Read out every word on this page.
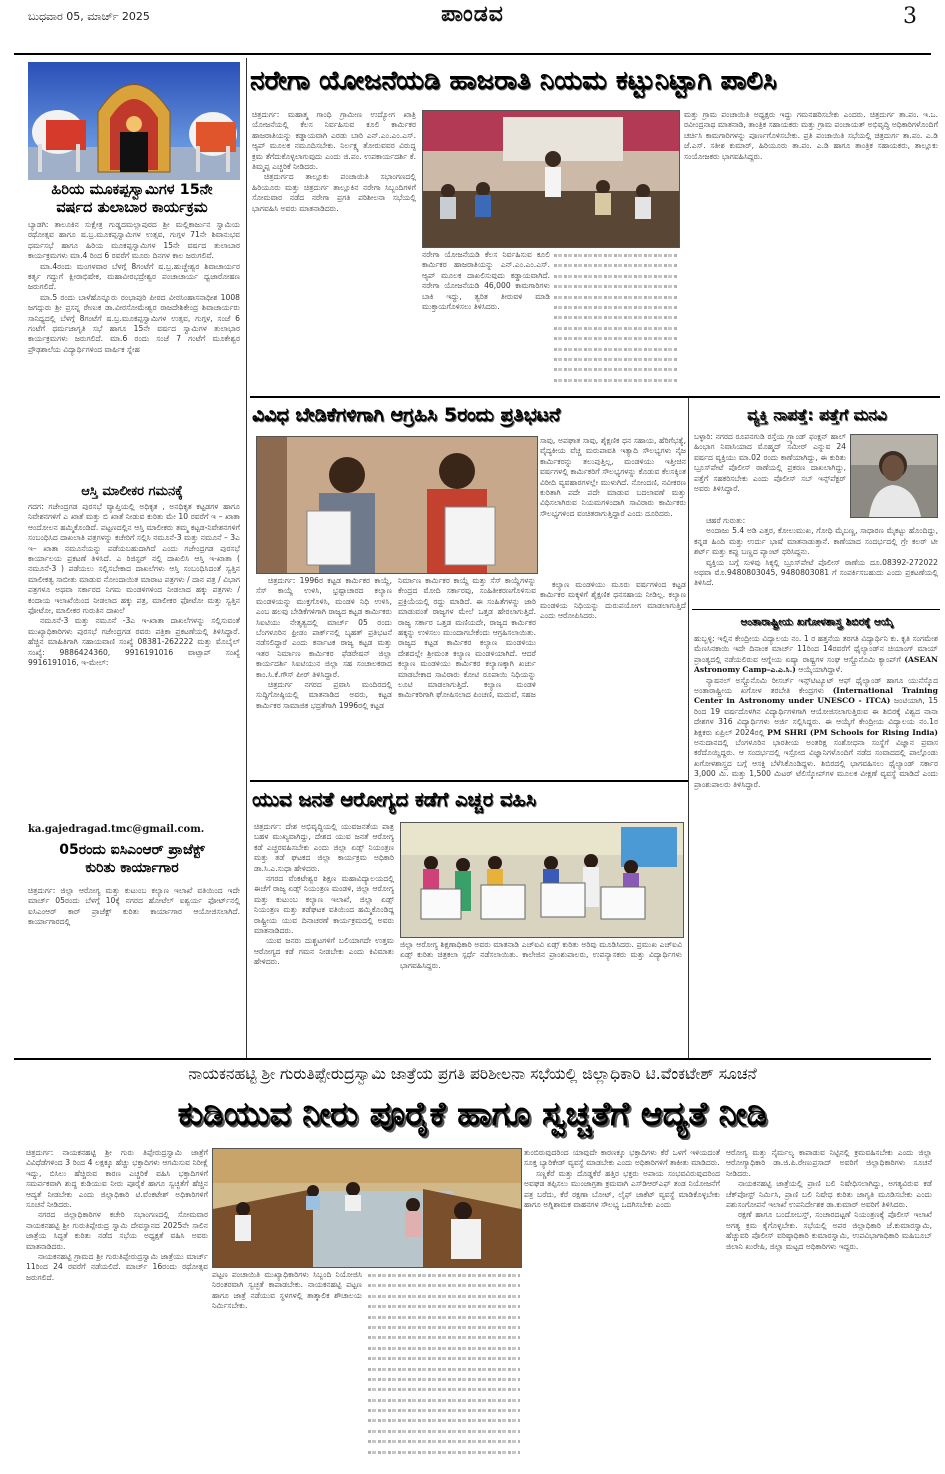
ಬುಧವಾರ 05, ಮಾರ್ಚ್ 2025	ಪಾಂಡವ	3
ಹಿರಿಯ ಮೂಕಪ್ಪಸ್ವಾಮಿಗಳ 15ನೇ
ವರ್ಷದ ತುಲಾಬಾರ ಕಾರ್ಯಕ್ರಮ

ಬ್ಯಾಡಗಿ: ತಾಲೂಕಿನ ಸುಕ್ಷೇತ್ರ ಗುಡ್ಡದಮಲ್ಲಾಪುರದ ಶ್ರೀ ಮಲ್ಲಿಕಾರ್ಜುನ ಸ್ವಾಮಿಯ ರಥೋತ್ಸವ ಹಾಗೂ ಷ.ಬ್ರ.ಮೂಕಪ್ಪಸ್ವಾಮಿಗಳ ಉತ್ಸವ, ಗುಗ್ಗಳ 71ನೇ ಶಿವಾನುಭವ ಧರ್ಮಸಭೆ ಹಾಗೂ ಹಿರಿಯ ಮೂಕಪ್ಪಸ್ವಾಮಿಗಳ 15ನೇ ವರ್ಷದ ತುಲಾಬಾರ ಕಾರ್ಯಕ್ರಮಗಳು ಮಾ.4 ರಿಂದ 6 ರವರೆಗೆ ಮೂರು ದಿನಗಳ ಕಾಲ ಜರುಗಲಿವೆ.

ಮಾ.4ರಂದು ಮಂಗಳವಾರ ಬೆಳಗ್ಗೆ 8ಗಂಟೆಗೆ ಷ.ಬ್ರ.ಹುಚ್ಚೇಶ್ವರ ಶಿವಾಚಾರ್ಯರ ಕರ್ತೃ ಗದ್ದುಗೆ ಕ್ಷೀರಾಭಿಷೇಕ, ಮಹಾವೀರಭದ್ರೇಶ್ವರ ಪಂಚಾಚಾರ್ಯ ಧ್ವಜಾರೋಹಣ ಜರುಗಲಿದೆ.

ಮಾ.5 ರಂದು ಬಾಳೆಹೊನ್ನೂರು ರಂಭಾಪುರಿ ಪೀಠದ ವೀರಸಿಂಹಾಸನಾಧೀಶ 1008 ಜಗದ್ಗುರು ಶ್ರೀ ಪ್ರಸನ್ನ ರೇಣುಕ ಡಾ.ವೀರಸೋಮೇಶ್ವರ ರಾಜದೇಶಿಕೇಂದ್ರ ಶಿವಾಚಾರ್ಯರು ಸಾನಿಧ್ಯದಲ್ಲಿ ಬೆಳಗ್ಗೆ 8ಗಂಟೆಗೆ ಷ.ಬ್ರ.ಮೂಕಪ್ಪಸ್ವಾಮಿಗಳ ಉತ್ಸವ, ಗುಗ್ಗಳ, ಸಂಜೆ 6 ಗಂಟೆಗೆ ಧರ್ಮಜಾಗೃತಿ ಸಭೆ ಹಾಗೂ 15ನೇ ವರ್ಷದ ಸ್ವಾಮಿಗಳ ತುಲಾಭಾರ ಕಾರ್ಯಕ್ರಮಗಳು ಜರುಗಲಿದೆ. ಮಾ.6 ರಂದು ಸಂಜೆ 7 ಗಂಟೆಗೆ ಮೂಕೇಶ್ವರ ಪ್ರೌಢಶಾಲೆಯ ವಿದ್ಯಾರ್ಥಿಗಳಿಂದ ವಾರ್ಷಿಕ ಸ್ನೇಹ

ಆಸ್ತಿ ಮಾಲೀಕರ ಗಮನಕ್ಕೆ

ಗದಗ: ಗಜೇಂದ್ರಗಡ ಪುರಸಭೆ ವ್ಯಾಪ್ತಿಯಲ್ಲಿ ಅಧಿಕೃತ , ಅನಧಿಕೃತ ಕಟ್ಟಡಗಳ ಹಾಗೂ ನಿವೇಶನಗಳಿಗೆ ಎ ಖಾತೆ ಮತ್ತು ಬಿ ಖಾತೆ ನೀಡುವ ಕುರಿತು ಮೇ 10 ರವರೆಗೆ ಇ – ಖಾತಾ ಆಂದೋಲನ ಹಮ್ಮಿಕೊಂಡಿದೆ. ಪಟ್ಟಣದಲ್ಲಿನ ಆಸ್ತಿ ಮಾಲೀಕರು ತಮ್ಮ ಕಟ್ಟಡ-ನಿವೇಶನಗಳಿಗೆ ಸಂಬಂಧಿಸಿದ ದಾಖಲಾತಿ ಪತ್ರಗಳನ್ನು ಕಚೇರಿಗೆ ಸಲ್ಲಿಸಿ ನಮೂನೆ-3 ಮತ್ತು ನಮೂನೆ – 3ಎ ಇ– ಖಾತಾ ನಮೂನೆಯನ್ನು ಪಡೆಯಬಹುದಾಗಿದೆ ಎಂದು ಗಜೇಂದ್ರಗಡ ಪುರಸಭೆ ಕಾರ್ಯಾಲಯ ಪ್ರಕಟಣೆ ತಿಳಿಸಿದೆ. ಎ ರಿಜಿಸ್ಟರ್ ನಲ್ಲಿ ದಾಖಲಿಸಿ ಆಸ್ತಿ ಇ-ಖಾತಾ ( ನಮೂನೆ-3 ) ಪಡೆಯಲು ಸಲ್ಲಿಸಬೇಕಾದ ದಾಖಲೆಗಳು ಆಸ್ತಿ ಸಂಬಂಧಿಸಿದಂತೆ ಸ್ವತ್ತಿನ ಮಾಲೀಕತ್ವ ಸಾಬೀತು ಮಾಡುವ ನೋಂದಾಯಿತ ಮಾರಾಟ ಪತ್ರಗಳು / ದಾನ ಪತ್ರ / ವಿಭಾಗ ಪತ್ರಗಳೂ ಅಥವಾ ಸರ್ಕಾರದ ನಿಗಮ ಮಂಡಳಿಗಳಿಂದ ನೀಡಲಾದ ಹಕ್ಕು ಪತ್ರಗಳು / ಕಂದಾಯ ಇಲಾಖೆಯಿಂದ ನೀಡಲಾದ ಹಕ್ಕು ಪತ್ರ, ಮಾಲೀಕರ ಫೋಟೋ ಮತ್ತು ಸ್ವತ್ತಿನ ಫೋಟೋ, ಮಾಲೀಕರ ಗುರುತಿನ ದಾಖಲೆ

ನಮೂನೆ-3 ಮತ್ತು ನಮೂನೆ -3ಎ ಇ-ಖಾತಾ ದಾಖಲೆಗಳನ್ನು ಸಲ್ಲಿಸುವಂತೆ ಮುಖ್ಯಾಧಿಕಾರಿಗಳು ಪುರಸಭೆ ಗಜೇಂದ್ರಗಡ ರವರು ಪತ್ರಿಕಾ ಪ್ರಕಟಣೆಯಲ್ಲಿ ತಿಳಿಸಿದ್ದಾರೆ. ಹೆಚ್ಚಿನ ಮಾಹಿತಿಗಾಗಿ ಸಹಾಯವಾಣಿ ಸಂಖ್ಯೆ 08381-262222 ಮತ್ತು ಮೊಬೈಲ್ ಸಂಖ್ಯೆ: 9886424360, 9916191016 ವಾಟ್ಸಾಪ್ ಸಂಖ್ಯೆ 9916191016, ಇ-ಮೇಲ್:

ka.gajedragad.tmc@gmail.com.
05ರಂದು ಐಸಿಎಂಆರ್ ಪ್ರಾಜೆಕ್ಟ್
ಕುರಿತು ಕಾರ್ಯಾಗಾರ

ಚಿತ್ರದುರ್ಗ: ಜಿಲ್ಲಾ ಆರೋಗ್ಯ ಮತ್ತು ಕುಟುಂಬ ಕಲ್ಯಾಣ ಇಲಾಖೆ ವತಿಯಿಂದ ಇದೇ ಮಾರ್ಚ್ 05ರಂದು ಬೆಳಗ್ಗೆ 10ಕ್ಕೆ ನಗರದ ಹೋಟೆಲ್ ಐಶ್ವರ್ಯ ಫೋರ್ಟ್‌ನಲ್ಲಿ ಐಸಿಎಂಆರ್ ಕಾರ್ ಪ್ರಾಜೆಕ್ಟ್ ಕುರಿತು ಕಾರ್ಯಾಗಾರ ಆಯೋಜಿಸಲಾಗಿದೆ. ಕಾರ್ಯಾಗಾರದಲ್ಲಿ

ನರೇಗಾ ಯೋಜನೆಯಡಿ ಹಾಜರಾತಿ ನಿಯಮ ಕಟ್ಟುನಿಟ್ಟಾಗಿ ಪಾಲಿಸಿ

ಚಿತ್ರದುರ್ಗ: ಮಹಾತ್ಮ ಗಾಂಧಿ ಗ್ರಾಮೀಣ ಉದ್ಯೋಗ ಖಾತ್ರಿ ಯೋಜನೆಯಲ್ಲಿ ಕೆಲಸ ನಿರ್ವಹಿಸುವ ಕೂಲಿ ಕಾರ್ಮಿಕರ ಹಾಜರಾತಿಯನ್ನು ಕಡ್ಡಾಯವಾಗಿ ಎರಡು ಬಾರಿ ಎನ್.ಎಂ.ಎಂ.ಎಸ್. ಆ್ಯಪ್ ಮೂಲಕ ನಮೂದಿಸಬೇಕು. ನಿರ್ಲಕ್ಷ್ಯ ತೋರುವವರ ವಿರುದ್ಧ ಕ್ರಮ ತೆಗೆದುಕೊಳ್ಳಲಾಗುವುದು ಎಂದು ಜಿ.ಪಂ. ಉಪಕಾರ್ಯದರ್ಶಿ ಕೆ. ತಿಮ್ಮಪ್ಪ ಎಚ್ಚರಿಕೆ ನೀಡಿದರು.

ಚಿತ್ರದುರ್ಗದ ತಾಲ್ಲೂಕು ಪಂಚಾಯಿತಿ ಸಭಾಂಗಣದಲ್ಲಿ ಹಿರಿಯೂರು ಮತ್ತು ಚಿತ್ರದುರ್ಗ ತಾಲ್ಲೂಕಿನ ನರೇಗಾ ಸಿಬ್ಬಂದಿಗಳಿಗೆ ಸೋಮವಾರ ನಡೆದ ನರೇಗಾ ಪ್ರಗತಿ ಪರಿಶೀಲನಾ ಸಭೆಯಲ್ಲಿ ಭಾಗವಹಿಸಿ ಅವರು ಮಾತನಾಡಿದರು.

ನರೇಗಾ ಯೋಜನೆಯಡಿ ಕೆಲಸ ನಿರ್ವಹಿಸುವ ಕೂಲಿ ಕಾರ್ಮಿಕರ ಹಾಜರಾತಿಯನ್ನು ಎನ್.ಎಂ.ಎಂ.ಎಸ್. ಆ್ಯಪ್ ಮೂಲಕ ದಾಖಲಿಸುವುದು ಕಡ್ಡಾಯವಾಗಿದೆ. ನರೇಗಾ ಯೋಜನೆಯಡಿ 46,000 ಕಾಮಗಾರಿಗಳು ಬಾಕಿ ಇದ್ದು, ತ್ವರಿತ ತೀರುವಳಿ ಮಾಡಿ ಮುಕ್ತಾಯಗೊಳಿಸಲು ತಿಳಿಸಿದರು.

ಮತ್ತು ಗ್ರಾಮ ಪಂಚಾಯಿತಿ ಅಧ್ಯಕ್ಷರು ಇದ್ದು ಗಮನಹರಿಸಬೇಕು ಎಂದರು. ಚಿತ್ರದುರ್ಗ ತಾ.ಪಂ. ಇ.ಒ. ರವೀಂದ್ರನಾಥ ಮಾತನಾಡಿ, ತಾಂತ್ರಿಕ ಸಹಾಯಕರು ಮತ್ತು ಗ್ರಾಮ ಪಂಚಾಯತ್ ಅಭಿವೃದ್ಧಿ ಅಧಿಕಾರಿಗಳೊಂದಿಗೆ ಚರ್ಚಿಸಿ ಕಾಮಗಾರಿಗಳನ್ನು ಪೂರ್ಣಗೊಳಿಸಬೇಕು. ಪ್ರತಿ ಪಂಚಾಯಿತಿ ಸಭೆಯಲ್ಲಿ ಚಿತ್ರದುರ್ಗ ತಾ.ಪಂ. ಎ.ಡಿ ಜೆ.ಎಸ್. ಸತೀಶ ಕುಮಾರ್, ಹಿರಿಯೂರು ತಾ.ಪಂ. ಎ.ಡಿ ಹಾಗೂ ತಾಂತ್ರಿಕ ಸಹಾಯಕರು, ತಾಲ್ಲೂಕು ಸಂಯೋಜಕರು ಭಾಗವಹಿಸಿದ್ದರು.

ವಿವಿಧ ಬೇಡಿಕೆಗಳಿಗಾಗಿ ಆಗ್ರಹಿಸಿ 5ರಂದು ಪ್ರತಿಭಟನೆ

ಸಾವು, ಅಪಘಾತ ಸಾವು, ಶೈಕ್ಷಣಿಕ ಧನ ಸಹಾಯ, ಹೆರಿಗೆಭತ್ಯೆ, ವೈದ್ಯಕೀಯ ವೆಚ್ಚ ಮರುಪಾವತಿ ಇತ್ಯಾದಿ ಸೌಲಭ್ಯಗಳು ನೈಜ ಕಾರ್ಮಿಕರನ್ನು ತಲುಪುತ್ತಿಲ್ಲ, ಮಂಡಳಿಯು ಇತ್ತೀಚಿನ ವರ್ಷಗಳಲ್ಲಿ ಕಾರ್ಮಿಕರಿಗೆ ಸೌಲಭ್ಯಗಳನ್ನು ಕೊಡುವ ಕೆಲಸಕ್ಕಿಂತ ವಿರೀದಿ ವ್ಯವಹಾರಗಳಲ್ಲೇ ಮುಳುಗಿದೆ. ನೋಂದಣಿ, ನವೀಕರಣ ಕುರಿತಾಗಿ ಪದೇ ಪದೇ ಮಾಡುವ ಬದಲಾವಣೆ ಮತ್ತು ವಿಧಿಸಲಾಗಿರುವ ನಿಯಮಗಳಿಂದಾಗಿ ಸಾವಿರಾರು ಕಾರ್ಮಿಕರು ಸೌಲಭ್ಯಗಳಿಂದ ವಂಚಿತರಾಗುತ್ತಿದ್ದಾರೆ ಎಂದು ದೂರಿದರು.

ಚಿತ್ರದುರ್ಗ: 1996ರ ಕಟ್ಟಡ ಕಾರ್ಮಿಕರ ಕಾಯ್ದೆ, ಸೆಸ್ ಕಾಯ್ದೆ ಉಳಿಸಿ, ಭ್ರಷ್ಟಾಚಾರದ ಕಲ್ಯಾಣ ಮಂಡಳಿಯನ್ನು ಮುಕ್ತಗೊಳಿಸಿ, ಮಂಡಳಿ ನಿಧಿ ಉಳಿಸಿ, ಎಂಬ ಹಲವು ಬೇಡಿಕೆಗಳಿಗಾಗಿ ರಾಜ್ಯದ ಕಟ್ಟಡ ಕಾರ್ಮಿಕರು ಸಿಐಟಿಯು ನೇತೃತ್ವದಲ್ಲಿ ಮಾರ್ಚ್ 05 ರಂದು ಬೆಂಗಳೂರಿನ ಫ್ರೀಡಂ ಪಾರ್ಕ್‌ನಲ್ಲಿ ಬೃಹತ್ ಪ್ರತಿಭಟನೆ ನಡೆಸಲಿದ್ದಾರೆ ಎಂದು ಕರ್ನಾಟಕ ರಾಜ್ಯ ಕಟ್ಟಡ ಮತ್ತು ಇತರ ನಿರ್ಮಾಣ ಕಾರ್ಮಿಕರ ಫೆಡರೇಷನ್ ಜಿಲ್ಲಾ ಕಾರ್ಯದರ್ಶಿ ಸಿಐಟಿಯುನ ಜಿಲ್ಲಾ ಸಹ ಸಂಚಾಲಕರಾದ ಕಾಂ.ಸಿ.ಕೆ.ಗೌಸ್ ಪೀರ್ ತಿಳಿಸಿದ್ದಾರೆ.

ಚಿತ್ರದುರ್ಗ ನಗರದ ಪ್ರವಾಸಿ ಮಂದಿರದಲ್ಲಿ ಸುದ್ದಿಗೋಷ್ಠಿಯಲ್ಲಿ ಮಾತನಾಡಿದ ಅವರು, ಕಟ್ಟಡ ಕಾರ್ಮಿಕರ ಸಾಮಾಜಿಕ ಭದ್ರತೆಗಾಗಿ 1996ರಲ್ಲಿ ಕಟ್ಟಡ

ನಿರ್ಮಾಣ ಕಾರ್ಮಿಕರ ಕಾಯ್ದೆ ಮತ್ತು ಸೆಸ್ ಕಾಯ್ದೆಗಳನ್ನು ಕೇಂದ್ರದ ಮೋದಿ ಸರ್ಕಾರವು, ಸಂಹಿತೀಕರಣಗೊಳಿಸುವ ಪ್ರಕ್ರಿಯೆಯಲ್ಲಿ ರದ್ದು ಮಾಡಿದೆ. ಈ ಸಂಹಿತೆಗಳನ್ನು ಜಾರಿ ಮಾಡುವಂತೆ ರಾಜ್ಯಗಳ ಮೇಲೆ ಒತ್ತಡ ಹೇರಲಾಗುತ್ತಿದೆ. ರಾಜ್ಯ ಸರ್ಕಾರ ಒತ್ತಡ ಮಣಿಯದೇ, ರಾಜ್ಯದ ಕಾರ್ಮಿಕರ ಹಕ್ಕನ್ನು ಉಳಿಸಲು ಮುಂದಾಗಬೇಕೆಂದು ಆಗ್ರಹಿಸಲಾಯಿತು. ರಾಜ್ಯದ ಕಟ್ಟಡ ಕಾರ್ಮಿಕರ ಕಲ್ಯಾಣ ಮಂಡಳಿಯು ದೇಶದಲ್ಲೇ ಶ್ರೀಮಂತ ಕಲ್ಯಾಣ ಮಂಡಳಿಯಾಗಿದೆ. ಆದರೆ ಕಲ್ಯಾಣ ಮಂಡಳಿಯು ಕಾರ್ಮಿಕರ ಕಲ್ಯಾಣಕ್ಕಾಗಿ ಖರ್ಚು ಮಾಡಬೇಕಾದ ಸಾವಿರಾರು ಕೋಟಿ ರೂಪಾಯಿ ನಿಧಿಯನ್ನು ಲೂಟಿ ಮಾಡಲಾಗುತ್ತಿದೆ. ಕಲ್ಯಾಣ ಮಂಡಳಿ ಕಾರ್ಮಿಕರಿಗಾಗಿ ಘೋಷಿಸಲಾದ ಪಿಂಚಣಿ, ಮದುವೆ, ಸಹಜ

ಕಲ್ಯಾಣ ಮಂಡಳಿಯು ಮೂರು ವರ್ಷಗಳಿಂದ ಕಟ್ಟಡ ಕಾರ್ಮಿಕರ ಮಕ್ಕಳಿಗೆ ಶೈಕ್ಷಣಿಕ ಧನಸಹಾಯ ನೀಡಿಲ್ಲ. ಕಲ್ಯಾಣ ಮಂಡಳಿಯ ನಿಧಿಯನ್ನು ದುರುಪಯೋಗ ಮಾಡಲಾಗುತ್ತಿದೆ ಎಂದು ಆರೋಪಿಸಿದರು.

ವ್ಯಕ್ತಿ ನಾಪತ್ತೆ: ಪತ್ತೆಗೆ ಮನವಿ

ಬಳ್ಳಾರಿ: ನಗರದ ರೂಪನಗುಡಿ ರಸ್ತೆಯ ಗ್ರ್ಯಾಂಡ್ ಫಂಕ್ಷನ್ ಹಾಲ್ ಹಿಂಭಾಗ ನಿವಾಸಿಯಾದ ಮೊಹ್ಮದ್ ಸಮೀರ್ ಎನ್ನುವ 24 ವರ್ಷದ ವ್ಯಕ್ತಿಯು ಮಾ.02 ರಂದು ಕಾಣೆಯಾಗಿದ್ದು, ಈ ಕುರಿತು ಬ್ರೂಸ್‌ಪೇಟೆ ಪೊಲೀಸ್ ಠಾಣೆಯಲ್ಲಿ ಪ್ರಕರಣ ದಾಖಲಾಗಿದ್ದು, ಪತ್ತೆಗೆ ಸಹಕರಿಸಬೇಕು ಎಂದು ಪೊಲೀಸ್ ಸಬ್ ಇನ್ಸ್‌ಪೆಕ್ಟರ್ ಅವರು ತಿಳಿಸಿದ್ದಾರೆ.

ಚಹರೆ ಗುರುತು:

ಅಂದಾಜು 5.4 ಅಡಿ ಎತ್ತರ, ಕೋಲುಮುಖ, ಗೋಧಿ ಮೈಬಣ್ಣ, ಸಾಧಾರಣ ಮೈಕಟ್ಟು ಹೊಂದಿದ್ದು, ಕನ್ನಡ ಹಿಂದಿ ಮತ್ತು ಉರ್ದು ಭಾಷೆ ಮಾತನಾಡುತ್ತಾನೆ. ಕಾಣೆಯಾದ ಸಂದರ್ಭದಲ್ಲಿ ಗ್ರೇ ಕಲರ್ ಟೀ ಶರ್ಟ್ ಮತ್ತು ಕಪ್ಪು ಬಣ್ಣದ ಪ್ಯಾಂಟ್ ಧರಿಸಿದ್ದನು.

ವ್ಯಕ್ತಿಯ ಬಗ್ಗೆ ಸುಳಿವು ಸಿಕ್ಕಲ್ಲಿ ಬ್ರೂಸ್‌ಪೇಟೆ ಪೊಲೀಸ್ ಠಾಣೆಯ ದೂ.08392-272022 ಅಥವಾ ಮೊ.9480803045, 9480803081 ಗೆ ಸಂಪರ್ಕಿಸಬಹುದು ಎಂದು ಪ್ರಕಟಣೆಯಲ್ಲಿ ತಿಳಿಸಿದೆ.

ಅಂತಾರಾಷ್ಟ್ರೀಯ ಖಗೋಳಶಾಸ್ತ್ರ ಶಿಬಿರಕ್ಕೆ ಆಯ್ಕೆ

ಹುಬ್ಬಳ್ಳಿ: ಇಲ್ಲಿನ ಕೇಂದ್ರೀಯ ವಿದ್ಯಾಲಯ ನಂ. 1 ರ ಹತ್ತನೆಯ ತರಗತಿ ವಿದ್ಯಾರ್ಥಿನಿ ಕು. ಕೃತಿ ಸಂಗಮೇಶ ಮೆಣಸಿನಕಾಯಿ ಇದೇ ದಿನಾಂಕ ಮಾರ್ಚ್ 11ರಿಂದ 14ರವರೆಗೆ ಥೈಲ್ಯಾಂಡ್‌ನ ಚಿಯಾಂಗ್ ಮಾಯ್ ಪ್ರಾಂತ್ಯದಲ್ಲಿ ನಡೆಯಲಿರುವ ಆಗ್ನೇಯ ಏಷ್ಯಾ ರಾಷ್ಟ್ರಗಳ ಸಂಘ ಆಸ್ಟ್ರೊನೊಮಿ ಕ್ಯಾಂಪ್‌ಗೆ (ASEAN Astronomy Camp–ಎ.ಎ.ಸಿ.) ಆಯ್ಕೆಯಾಗಿದ್ದಾಳೆ.

ನ್ಯಾಷನಲ್ ಅಸ್ಟ್ರೊನೊಮಿ ರೀಸರ್ಚ್ ಇನ್ಸ್‌ಟಿಟ್ಯೂಟ್ ಆಫ್ ಥೈಲ್ಯಾಂಡ್ ಹಾಗೂ ಯುನೆಸ್ಕೊದ ಅಂತಾರಾಷ್ಟ್ರೀಯ ಖಗೋಳ ತರಬೇತಿ ಕೇಂದ್ರಗಳು (International Training Center in Astronomy under UNESCO - ITCA) ಜಂಟಿಯಾಗಿ, 15 ರಿಂದ 19 ವರ್ಷದೊಳಗಿನ ವಿದ್ಯಾರ್ಥಿಗಳಿಗಾಗಿ ಆಯೋಜಿಸಲಾಗುತ್ತಿರುವ ಈ ಶಿಬಿರಕ್ಕೆ ವಿಶ್ವದ ನಾನಾ ದೇಶಗಳ 316 ವಿದ್ಯಾರ್ಥಿಗಳು ಅರ್ಜಿ ಸಲ್ಲಿಸಿದ್ದರು. ಈ ಆಯ್ಕೆಗೆ ಕೇಂದ್ರೀಯ ವಿದ್ಯಾಲಯ ನಂ.1ರ ಶಿಕ್ಷಕರು ಏಪ್ರಿಲ್ 2024ರಲ್ಲಿ PM SHRI (PM Schools for Rising India) ಅನುದಾನದಲ್ಲಿ ಬೆಂಗಳೂರಿನ ಭಾರತೀಯ ಅಂತರಿಕ್ಷ ಸಂಶೋಧನಾ ಸಂಸ್ಥೆಗೆ ವಿಜ್ಞಾನ ಪ್ರವಾಸ ಕರೆದೊಯ್ದಿದ್ದರು. ಆ ಸಂದರ್ಭದಲ್ಲಿ ಇಸ್ರೋದ ವಿಜ್ಞಾನಿಗಳೊಂದಿಗೆ ನಡೆದ ಸಂವಾದದಲ್ಲಿ ಪಾಲ್ಗೊಂಡು ಖಗೋಳಶಾಸ್ತ್ರದ ಬಗ್ಗೆ ಆಸಕ್ತಿ ಬೆಳೆಸಿಕೊಂಡಿದ್ದಳು. ಶಿಬಿರದಲ್ಲಿ ಭಾಗವಹಿಸಲು ಥೈಲ್ಯಾಂಡ್ ಸರ್ಕಾರ 3,000 ಮಿ. ಮತ್ತು 1,500 ಮಿಟರ್ ಟೆಲಿಸ್ಕೋಪ್‌ಗಳ ಮೂಲಕ ವೀಕ್ಷಣೆ ವ್ಯವಸ್ಥೆ ಮಾಡಿದೆ ಎಂದು ಪ್ರಾಂಶುಪಾಲರು ತಿಳಿಸಿದ್ದಾರೆ.

ಯುವ ಜನತೆ ಆರೋಗ್ಯದ ಕಡೆಗೆ ಎಚ್ಚರ ವಹಿಸಿ

ಚಿತ್ರದುರ್ಗ: ದೇಶ ಅಭಿವೃದ್ಧಿಯಲ್ಲಿ ಯುವಜನತೆಯ ಪಾತ್ರ ಬಹಳ ಮುಖ್ಯವಾಗಿದ್ದು, ದೇಶದ ಯುವ ಜನತೆ ಆರೋಗ್ಯ ಕಡೆ ಎಚ್ಚರವಹಿಸಬೇಕು ಎಂದು ಜಿಲ್ಲಾ ಏಡ್ಸ್ ನಿಯಂತ್ರಣ ಮತ್ತು ತಡೆ ಘಟಕದ ಜಿಲ್ಲಾ ಕಾರ್ಯಕ್ರಮ ಅಧಿಕಾರಿ ಡಾ.ಸಿ.ಎ.ಸುಧಾ ಹೇಳಿದರು.

ನಗರದ ವೆಂಕಟೇಶ್ವರ ಶಿಕ್ಷಣ ಮಹಾವಿದ್ಯಾಲಯದಲ್ಲಿ ಈಚೆಗೆ ರಾಜ್ಯ ಏಡ್ಸ್ ನಿಯಂತ್ರಣ ಮಂಡಳಿ, ಜಿಲ್ಲಾ ಆರೋಗ್ಯ ಮತ್ತು ಕುಟುಂಬ ಕಲ್ಯಾಣ ಇಲಾಖೆ, ಜಿಲ್ಲಾ ಏಡ್ಸ್ ನಿಯಂತ್ರಣ ಮತ್ತು ತಡೆಘಟಕ ವತಿಯಿಂದ ಹಮ್ಮಿಕೊಂಡಿದ್ದ ರಾಷ್ಟ್ರೀಯ ಯುವ ದಿನಾಚರಣೆ ಕಾರ್ಯಕ್ರಮದಲ್ಲಿ ಅವರು ಮಾತನಾಡಿದರು.

ಯುವ ಜನರು ದುಶ್ಚಟಗಳಿಗೆ ಬಲಿಯಾಗದೇ ಉತ್ತಮ ಆರೋಗ್ಯದ ಕಡೆ ಗಮನ ನೀಡಬೇಕು ಎಂದು ಕಿವಿಮಾತು ಹೇಳಿದರು.

ಜಿಲ್ಲಾ ಆರೋಗ್ಯ ಶಿಕ್ಷಣಾಧಿಕಾರಿ ಅವರು ಮಾತನಾಡಿ ಎಚ್‌ಐವಿ ಏಡ್ಸ್ ಕುರಿತು ಅರಿವು ಮೂಡಿಸಿದರು. ಪ್ರಮುಖ ಎಚ್‌ಐವಿ ಏಡ್ಸ್ ಕುರಿತು ಚಿತ್ರಕಲಾ ಸ್ಪರ್ಧೆ ನಡೆಸಲಾಯಿತು. ಕಾಲೇಜಿನ ಪ್ರಾಂಶುಪಾಲರು, ಉಪನ್ಯಾಸಕರು ಮತ್ತು ವಿದ್ಯಾರ್ಥಿಗಳು ಭಾಗವಹಿಸಿದ್ದರು.

ನಾಯಕನಹಟ್ಟಿ ಶ್ರೀ ಗುರುತಿಪ್ಪೇರುದ್ರಸ್ವಾಮಿ ಜಾತ್ರೆಯ ಪ್ರಗತಿ ಪರಿಶೀಲನಾ ಸಭೆಯಲ್ಲಿ ಜಿಲ್ಲಾಧಿಕಾರಿ ಟಿ.ವೆಂಕಟೇಶ್ ಸೂಚನೆ
ಕುಡಿಯುವ ನೀರು ಪೂರೈಕೆ ಹಾಗೂ ಸ್ವಚ್ಚತೆಗೆ ಆದ್ಯತೆ ನೀಡಿ

ಚಿತ್ರದುರ್ಗ: ನಾಯಕನಹಟ್ಟಿ ಶ್ರೀ ಗುರು ತಿಪ್ಪೇರುದ್ರಸ್ವಾಮಿ ಜಾತ್ರೆಗೆ ವಿವಿಧೆಡೆಗಳಿಂದ 3 ರಿಂದ 4 ಲಕ್ಷಕ್ಕೂ ಹೆಚ್ಚು ಭಕ್ತಾದಿಗಳು ಆಗಮಿಸುವ ನಿರೀಕ್ಷೆ ಇದ್ದು, ಬಿಸಿಲು ಹೆಚ್ಚಿರುವ ಕಾರಣ ಎಚ್ಚರಿಕೆ ವಹಿಸಿ ಭಕ್ತಾದಿಗಳಿಗೆ ಸಮರ್ಪಕವಾಗಿ ಶುದ್ಧ ಕುಡಿಯುವ ನೀರು ಪೂರೈಕೆ ಹಾಗೂ ಸ್ವಚ್ಛತೆಗೆ ಹೆಚ್ಚಿನ ಆದ್ಯತೆ ನೀಡಬೇಕು ಎಂದು ಜಿಲ್ಲಾಧಿಕಾರಿ ಟಿ.ವೆಂಕಟೇಶ್ ಅಧಿಕಾರಿಗಳಿಗೆ ಸೂಚನೆ ನೀಡಿದರು.

ನಗರದ ಜಿಲ್ಲಾಧಿಕಾರಿಗಳ ಕಚೇರಿ ಸಭಾಂಗಣದಲ್ಲಿ ಸೋಮವಾರ ನಾಯಕನಹಟ್ಟಿ ಶ್ರೀ ಗುರುತಿಪ್ಪೇರುದ್ರ ಸ್ವಾಮಿ ದೇವಸ್ಥಾನದ 2025ನೇ ಸಾಲಿನ ಜಾತ್ರೆಯ ಸಿದ್ಧತೆ ಕುರಿತು ನಡೆದ ಸಭೆಯ ಅಧ್ಯಕ್ಷತೆ ವಹಿಸಿ ಅವರು ಮಾತನಾಡಿದರು.

ನಾಯಕನಹಟ್ಟಿ ಗ್ರಾಮದ ಶ್ರೀ ಗುರುತಿಪ್ಪೇರುದ್ರಸ್ವಾಮಿ ಜಾತ್ರೆಯು ಮಾರ್ಚ್ 11ರಿಂದ 24 ರವರೆಗೆ ನಡೆಯಲಿದೆ. ಮಾರ್ಚ್ 16ರಂದು ರಥೋತ್ಸವ ಜರುಗಲಿದೆ.	ಪಟ್ಟಣ ಪಂಚಾಯಿತಿ ಮುಖ್ಯಾಧಿಕಾರಿಗಳು ಸಿಬ್ಬಂದಿ ನಿಯೋಜಿಸಿ ನಿರಂತರವಾಗಿ ಸ್ವಚ್ಛತೆ ಕಾಪಾಡಬೇಕು. ನಾಯಕನಹಟ್ಟಿ ಪಟ್ಟಣ ಹಾಗೂ ಜಾತ್ರೆ ನಡೆಯುವ ಸ್ಥಳಗಳಲ್ಲಿ ತಾತ್ಕಾಲಿಕ ಶೌಚಾಲಯ ನಿರ್ಮಿಸಬೇಕು.

ತುಂಬಿರುವುದರಿಂದ ಯಾವುದೇ ಕಾರಣಕ್ಕೂ ಭಕ್ತಾದಿಗಳು ಕೆರೆ ಒಳಗೆ ಇಳಿಯದಂತೆ ಸೂಕ್ತ ಬ್ಯಾರಿಕೇಡ್ ವ್ಯವಸ್ಥೆ ಮಾಡಬೇಕು ಎಂದು ಅಧಿಕಾರಿಗಳಿಗೆ ತಾಕೀತು ಮಾಡಿದರು.

ಸಣ್ಣಕೆರೆ ಮತ್ತು ದೊಡ್ಡಕೆರೆ ಹತ್ತಿರ ಭಕ್ತರು ಅಪಾಯ ಸಂಭವವಿರುವುದರಿಂದ ಅವಘಡ ತಪ್ಪಿಸಲು ಮುಂಜಾಗ್ರತಾ ಕ್ರಮವಾಗಿ ಎಸ್‌ಡಿಆರ್‌ಎಫ್ ತಂಡ ನಿಯೋಜನೆಗೆ ಪತ್ರ ಬರೆದು, ಕೆರೆ ರಕ್ಷಣಾ ಬೋಟ್, ಲೈಫ್ ಜಾಕೆಟ್ ವ್ಯವಸ್ಥೆ ಮಾಡಿಕೊಳ್ಳಬೇಕು ಹಾಗೂ ಅಗ್ನಿಶಾಮಕ ವಾಹನಗಳ ಸೌಲಭ್ಯ ಒದಗಿಸಬೇಕು ಎಂದು

ಆರೋಗ್ಯ ಮತ್ತು ನೈರ್ಮಲ್ಯ ಕಾಪಾಡುವ ನಿಟ್ಟಿನಲ್ಲಿ ಕ್ರಮವಹಿಸಬೇಕು ಎಂದು ಜಿಲ್ಲಾ ಆರೋಗ್ಯಾಧಿಕಾರಿ ಡಾ.ಜಿ.ಪಿ.ರೇಣುಪ್ರಸಾದ್ ಅವರಿಗೆ ಜಿಲ್ಲಾಧಿಕಾರಿಗಳು ಸೂಚನೆ ನೀಡಿದರು.

ನಾಯಕನಹಟ್ಟಿ ಜಾತ್ರೆಯಲ್ಲಿ ಪ್ರಾಣಿ ಬಲಿ ನಿಷೇಧಿಸಲಾಗಿದ್ದು, ಅಗತ್ಯವಿರುವ ಕಡೆ ಚೆಕ್‌ಪೋಸ್ಟ್ ನಿರ್ಮಿಸಿ, ಪ್ರಾಣಿ ಬಲಿ ನಿಷೇಧ ಕುರಿತು ಜಾಗೃತಿ ಮೂಡಿಸಬೇಕು ಎಂದು ಪಶುಸಂಗೋಪನೆ ಇಲಾಖೆ ಉಪನಿರ್ದೇಶಕ ಡಾ.ಕುಮಾರ್ ಅವರಿಗೆ ತಿಳಿಸಿದರು.

ರಕ್ಷಣೆ ಹಾಗೂ ಬಂದೋಬಸ್ತ್, ಸಂಚಾರದಟ್ಟಣೆ ನಿಯಂತ್ರಣಕ್ಕೆ ಪೊಲೀಸ್ ಇಲಾಖೆ ಅಗತ್ಯ ಕ್ರಮ ಕೈಗೊಳ್ಳಬೇಕು. ಸಭೆಯಲ್ಲಿ ಅಪರ ಜಿಲ್ಲಾಧಿಕಾರಿ ಜೆ.ಕುಮಾರಸ್ವಾಮಿ, ಹೆಚ್ಚುವರಿ ಪೊಲೀಸ್ ವರಿಷ್ಠಾಧಿಕಾರಿ ಕುಮಾರಸ್ವಾಮಿ, ಉಪವಿಭಾಗಾಧಿಕಾರಿ ಮಹಿಬೂಬ್ ಜಿಲಾನಿ ಖುರೇಷಿ, ಜಿಲ್ಲಾ ಮಟ್ಟದ ಅಧಿಕಾರಿಗಳು ಇದ್ದರು.
